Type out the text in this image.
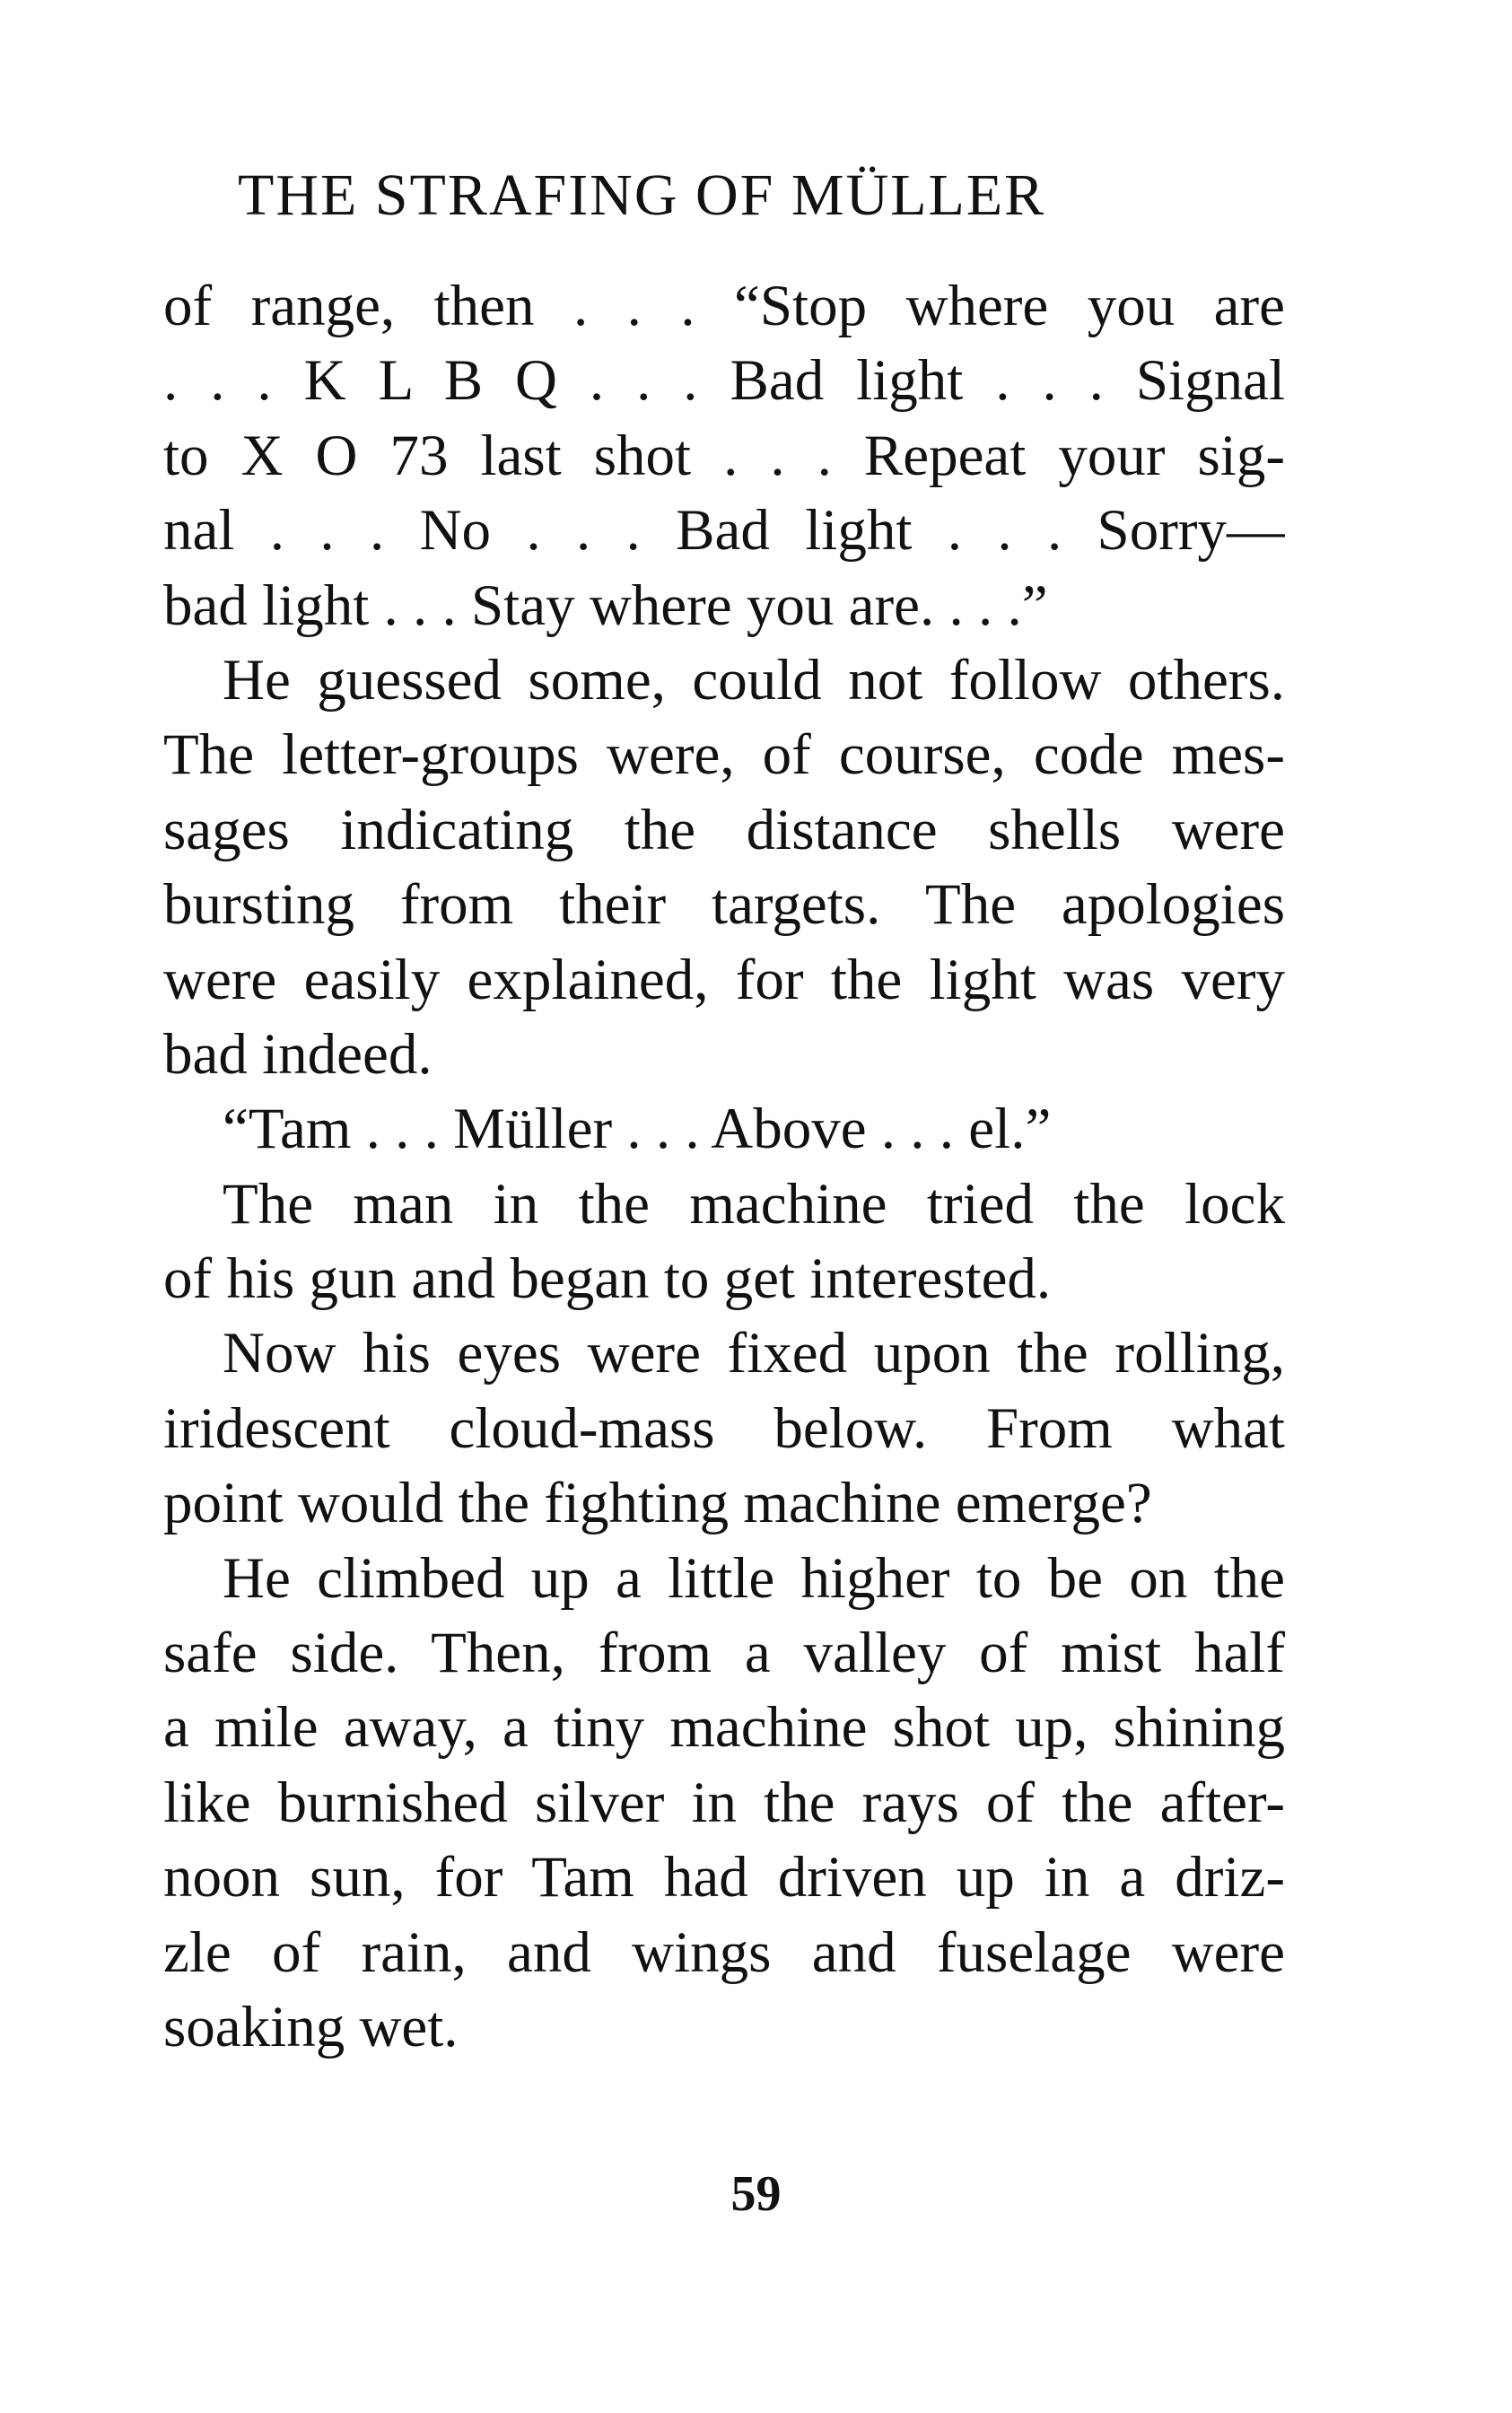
THE STRAFING OF MÜLLER
of range, then . . . “Stop where you are
. . . K L B Q . . . Bad light . . . Signal
to X O 73 last shot . . . Repeat your sig-
nal . . . No . . . Bad light . . . Sorry—
bad light . . . Stay where you are. . . .”
He guessed some, could not follow others.
The letter-groups were, of course, code mes-
sages indicating the distance shells were
bursting from their targets. The apologies
were easily explained, for the light was very
bad indeed.
“Tam . . . Müller . . . Above . . . el.”
The man in the machine tried the lock
of his gun and began to get interested.
Now his eyes were fixed upon the rolling,
iridescent cloud-mass below. From what
point would the fighting machine emerge?
He climbed up a little higher to be on the
safe side. Then, from a valley of mist half
a mile away, a tiny machine shot up, shining
like burnished silver in the rays of the after-
noon sun, for Tam had driven up in a driz-
zle of rain, and wings and fuselage were
soaking wet.
59
